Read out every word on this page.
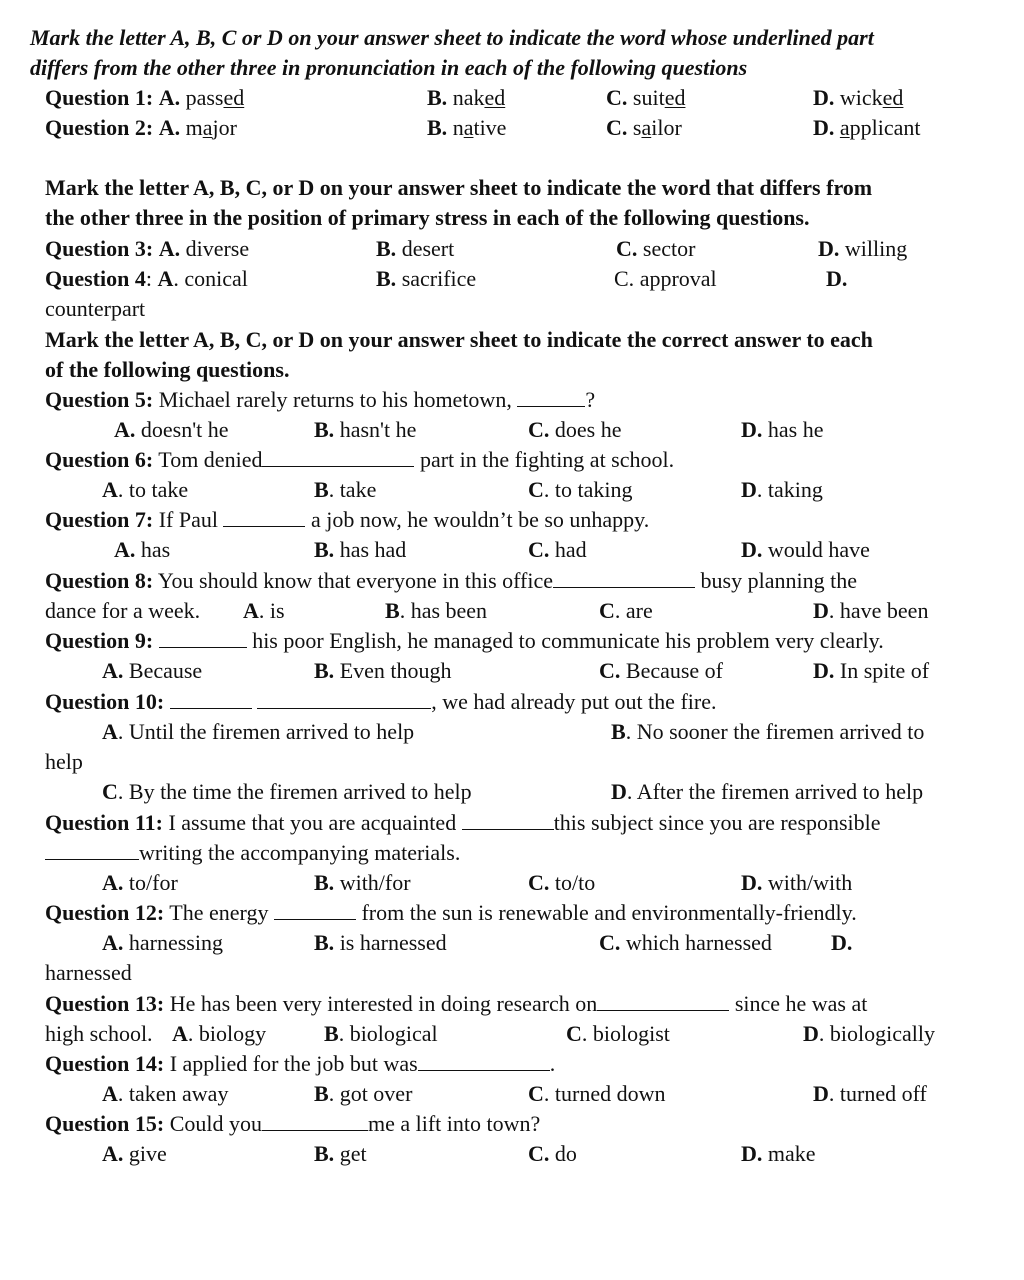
Mark the letter A, B, C or D on your answer sheet to indicate the word whose underlined part
differs from the other three in pronunciation in each of the following questions
Question 1: A. passed	B. naked	C. suited	D. wicked
Question 2: A. major	B. native	C. sailor	D. applicant
Mark the letter A, B, C, or D on your answer sheet to indicate the word that differs from
the other three in the position of primary stress in each of the following questions.
Question 3: A. diverse	B. desert	C. sector	D. willing
Question 4: A. conical	B. sacrifice	C. approval	D.
counterpart
Mark the letter A, B, C, or D on your answer sheet to indicate the correct answer to each
of the following questions.
Question 5: Michael rarely returns to his hometown,	?
A. doesn't he	B. hasn't he	C. does he	D. has he
Question 6: Tom denied	part in the fighting at school.
A. to take	B. take	C. to taking	D. taking
Question 7: If Paul	a job now, he wouldn’t be so unhappy.
A. has	B. has had	C. had	D. would have
Question 8: You should know that everyone in this office	busy planning the
dance for a week. A. is	B. has been	C. are	D. have been
Question 9:	his poor English, he managed to communicate his problem very clearly.
A. Because	B. Even though	C. Because of	D. In spite of
Question 10:	, we had already put out the fire.
A. Until the firemen arrived to help	B. No sooner the firemen arrived to
help
C. By the time the firemen arrived to help	D. After the firemen arrived to help
Question 11: I assume that you are acquainted	this subject since you are responsible
writing the accompanying materials.
A. to/for	B. with/for	C. to/to	D. with/with
Question 12: The energy	from the sun is renewable and environmentally-friendly.
A. harnessing	B. is harnessed	C. which harnessed	D.
harnessed
Question 13: He has been very interested in doing research on	since he was at
high school. A. biology	B. biological	C. biologist	D. biologically
Question 14: I applied for the job but was	.
A. taken away	B. got over	C. turned down	D. turned off
Question 15: Could you	me a lift into town?
A. give	B. get	C. do	D. make
